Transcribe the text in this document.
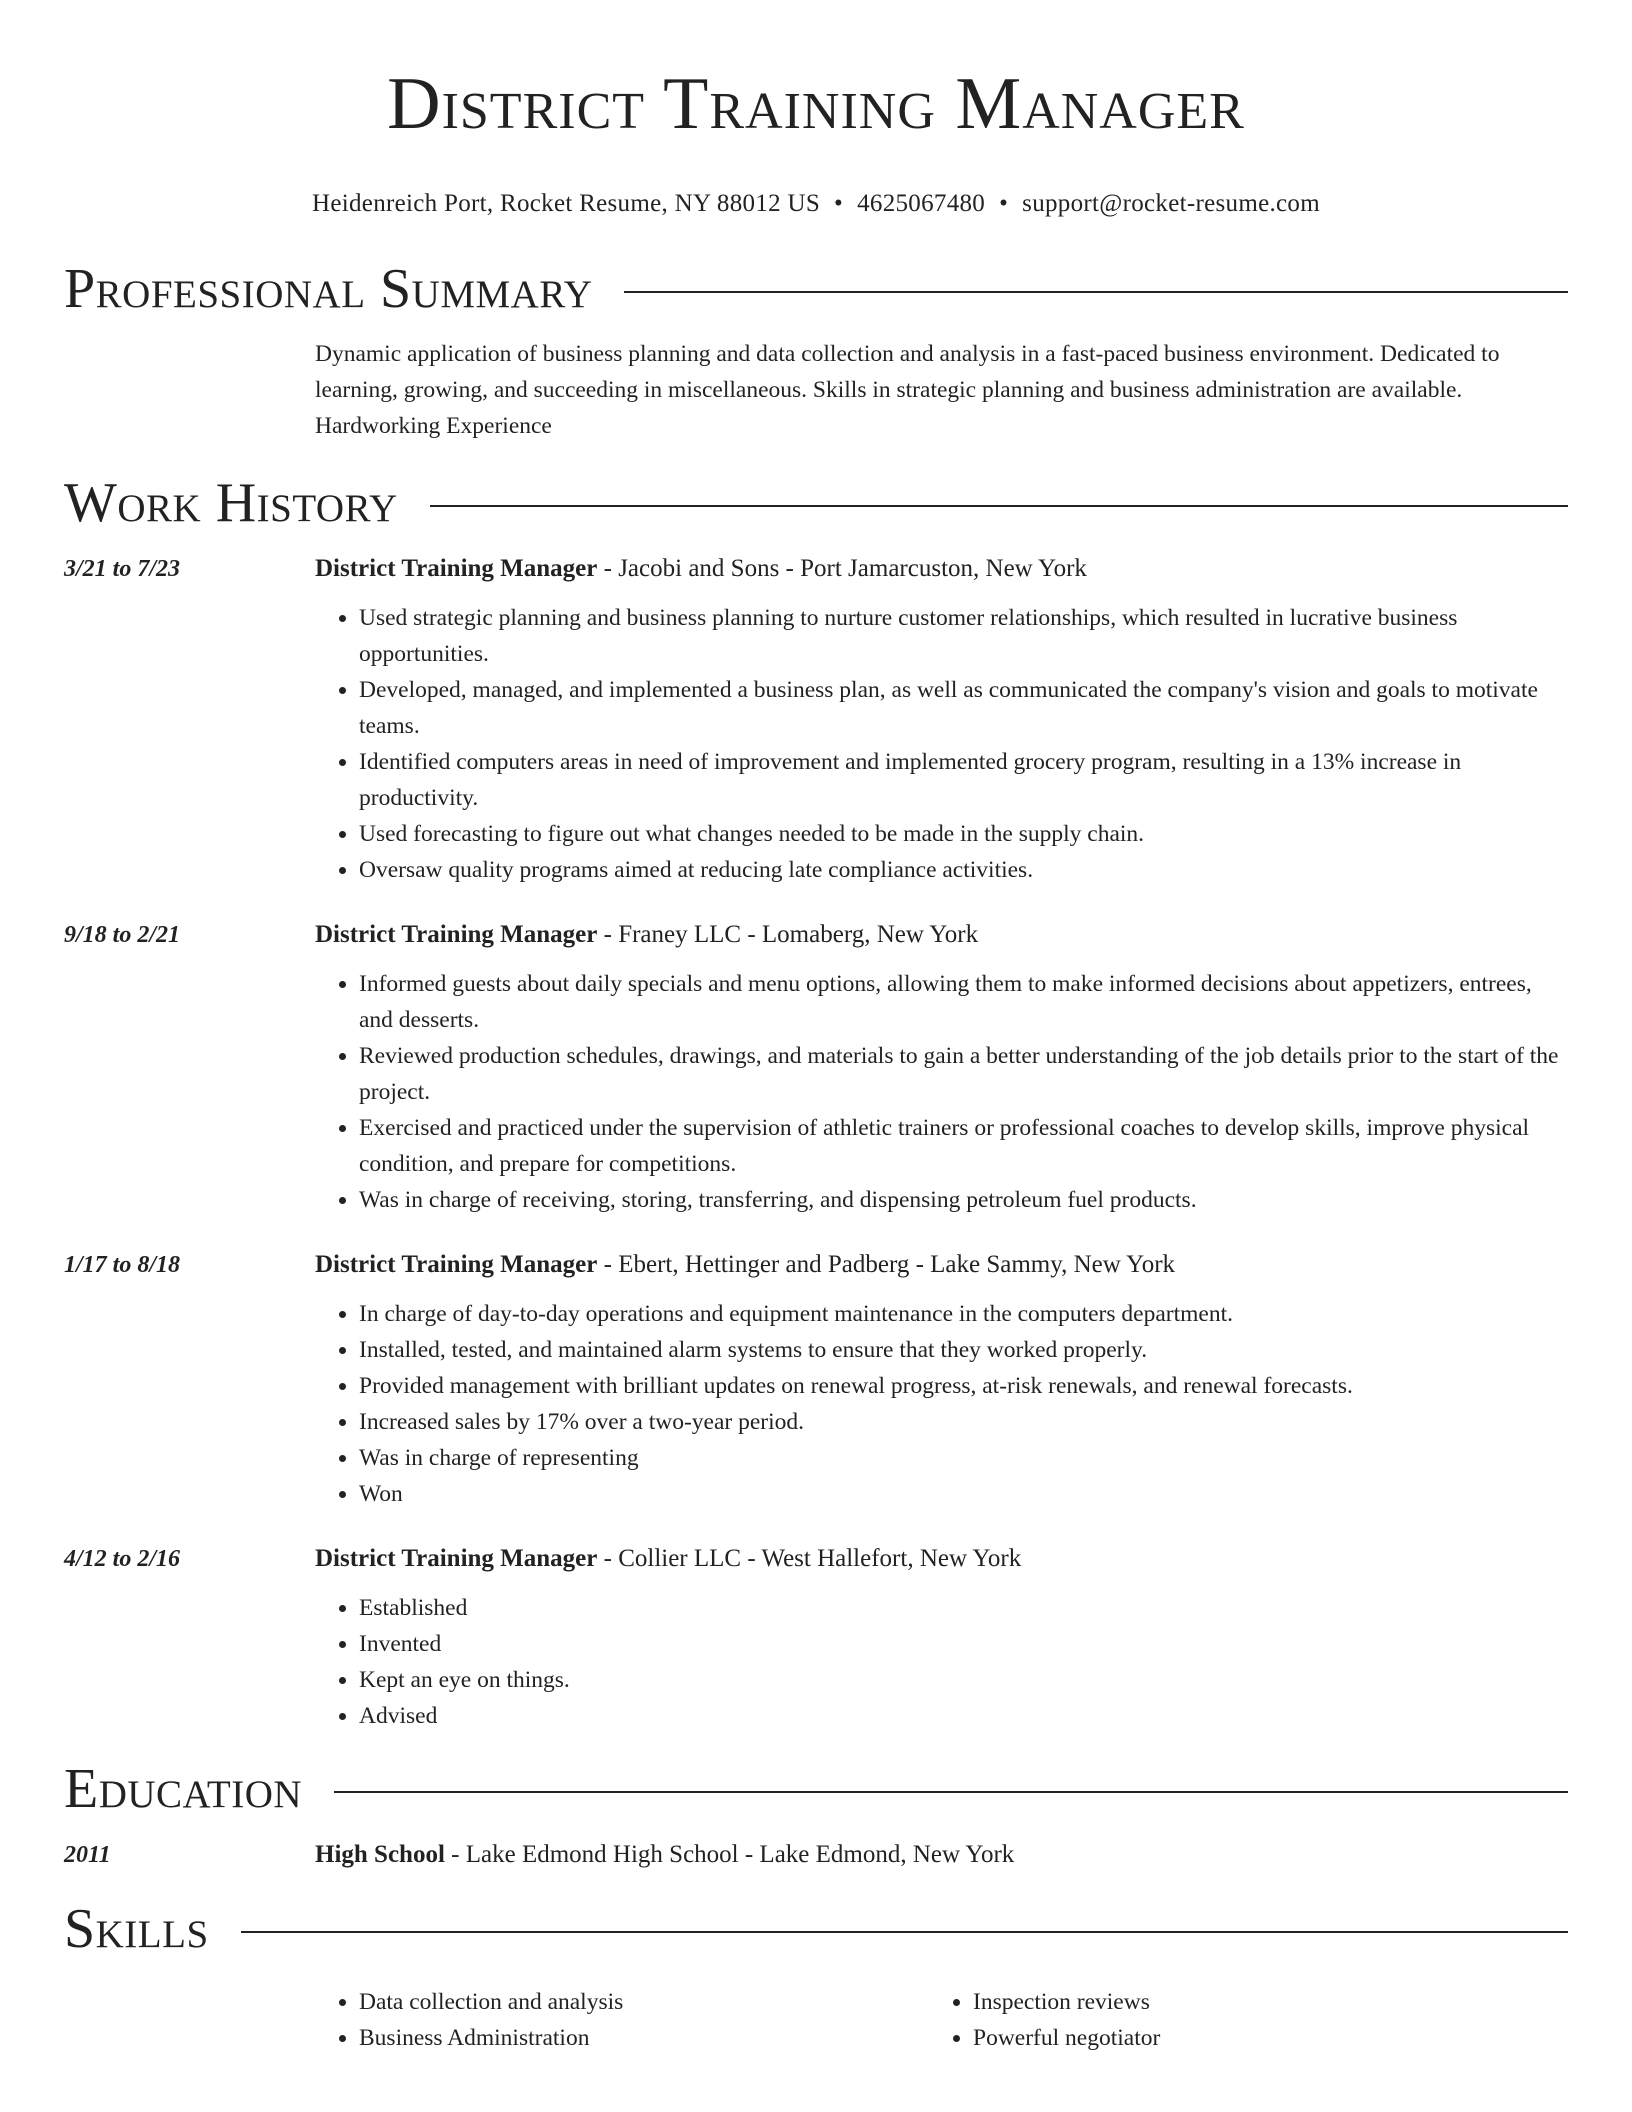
District Training Manager
Heidenreich Port, Rocket Resume, NY 88012 US • 4625067480 • support@rocket-resume.com
Professional Summary
Dynamic application of business planning and data collection and analysis in a fast-paced business environment. Dedicated to learning, growing, and succeeding in miscellaneous. Skills in strategic planning and business administration are available. Hardworking Experience
Work History
3/21 to 7/23	District Training Manager - Jacobi and Sons - Port Jamarcuston, New York
• Used strategic planning and business planning to nurture customer relationships, which resulted in lucrative business opportunities.
• Developed, managed, and implemented a business plan, as well as communicated the company's vision and goals to motivate teams.
• Identified computers areas in need of improvement and implemented grocery program, resulting in a 13% increase in productivity.
• Used forecasting to figure out what changes needed to be made in the supply chain.
• Oversaw quality programs aimed at reducing late compliance activities.
9/18 to 2/21	District Training Manager - Franey LLC - Lomaberg, New York
• Informed guests about daily specials and menu options, allowing them to make informed decisions about appetizers, entrees, and desserts.
• Reviewed production schedules, drawings, and materials to gain a better understanding of the job details prior to the start of the project.
• Exercised and practiced under the supervision of athletic trainers or professional coaches to develop skills, improve physical condition, and prepare for competitions.
• Was in charge of receiving, storing, transferring, and dispensing petroleum fuel products.
1/17 to 8/18	District Training Manager - Ebert, Hettinger and Padberg - Lake Sammy, New York
• In charge of day-to-day operations and equipment maintenance in the computers department.
• Installed, tested, and maintained alarm systems to ensure that they worked properly.
• Provided management with brilliant updates on renewal progress, at-risk renewals, and renewal forecasts.
• Increased sales by 17% over a two-year period.
• Was in charge of representing
• Won
4/12 to 2/16	District Training Manager - Collier LLC - West Hallefort, New York
• Established
• Invented
• Kept an eye on things.
• Advised
Education
2011	High School - Lake Edmond High School - Lake Edmond, New York
Skills
• Data collection and analysis
• Business Administration
• Inspection reviews
• Powerful negotiator
